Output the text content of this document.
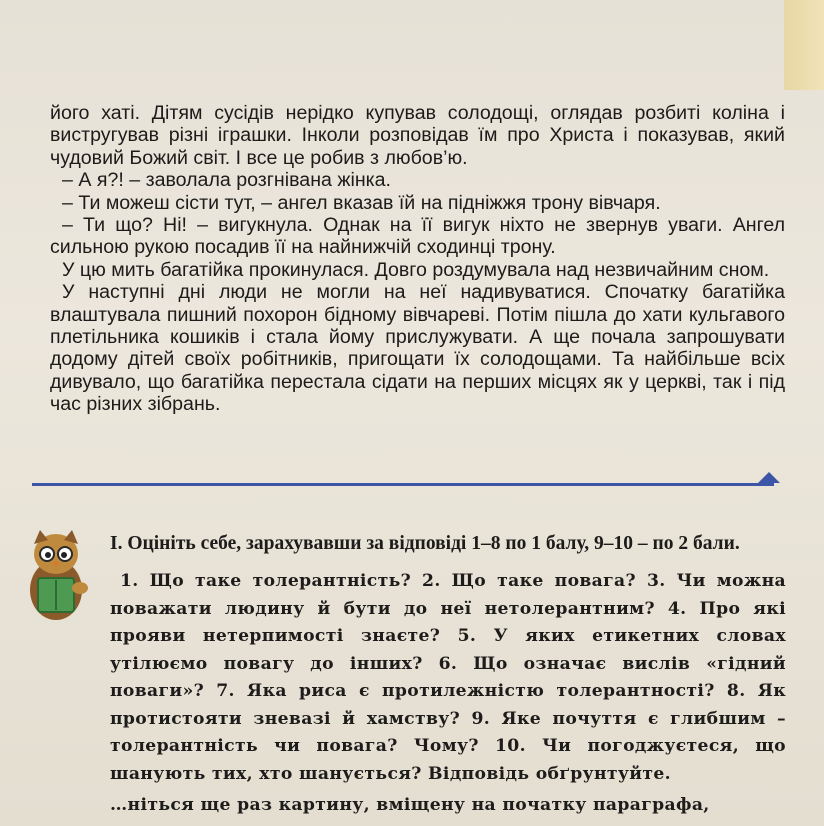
його хаті. Дітям сусідів нерідко купував солодощі, оглядав розбиті коліна і вистругував різні іграшки. Інколи розповідав їм про Христа і показував, який чудовий Божий світ. І все це робив з любов’ю.

– А я?! – заволала розгнівана жінка.

– Ти можеш сісти тут, – ангел вказав їй на підніжжя трону вівчаря.

– Ти що? Ні! – вигукнула. Однак на її вигук ніхто не звернув уваги. Ангел сильною рукою посадив її на найнижчій сходинці трону.

У цю мить багатійка прокинулася. Довго роздумувала над незвичайним сном.

У наступні дні люди не могли на неї надивуватися. Спочатку багатійка влаштувала пишний похорон бідному вівчареві. Потім пішла до хати кульгавого плетільника кошиків і стала йому прислужувати. А ще почала запрошувати додому дітей своїх робітників, пригощати їх солодощами. Та найбільше всіх дивувало, що багатійка перестала сідати на перших місцях як у церкві, так і під час різних зібрань.

I. Оцініть себе, зарахувавши за відповіді 1–8 по 1 балу, 9–10 – по 2 бали.

1. Що таке толерантність? 2. Що таке повага? 3. Чи можна поважати людину й бути до неї нетолерантним? 4. Про які прояви нетерпимості знаєте? 5. У яких етикетних словах утілюємо повагу до інших? 6. Що означає вислів «гідний поваги»? 7. Яка риса є протилежністю толерантності? 8. Як протистояти зневазі й хамству? 9. Яке почуття є глибшим – толерантність чи повага? Чому? 10. Чи погоджуєтеся, що шанують тих, хто шанується? Відповідь обґрунтуйте.

…ніться ще раз картину, вміщену на початку параграфа,
